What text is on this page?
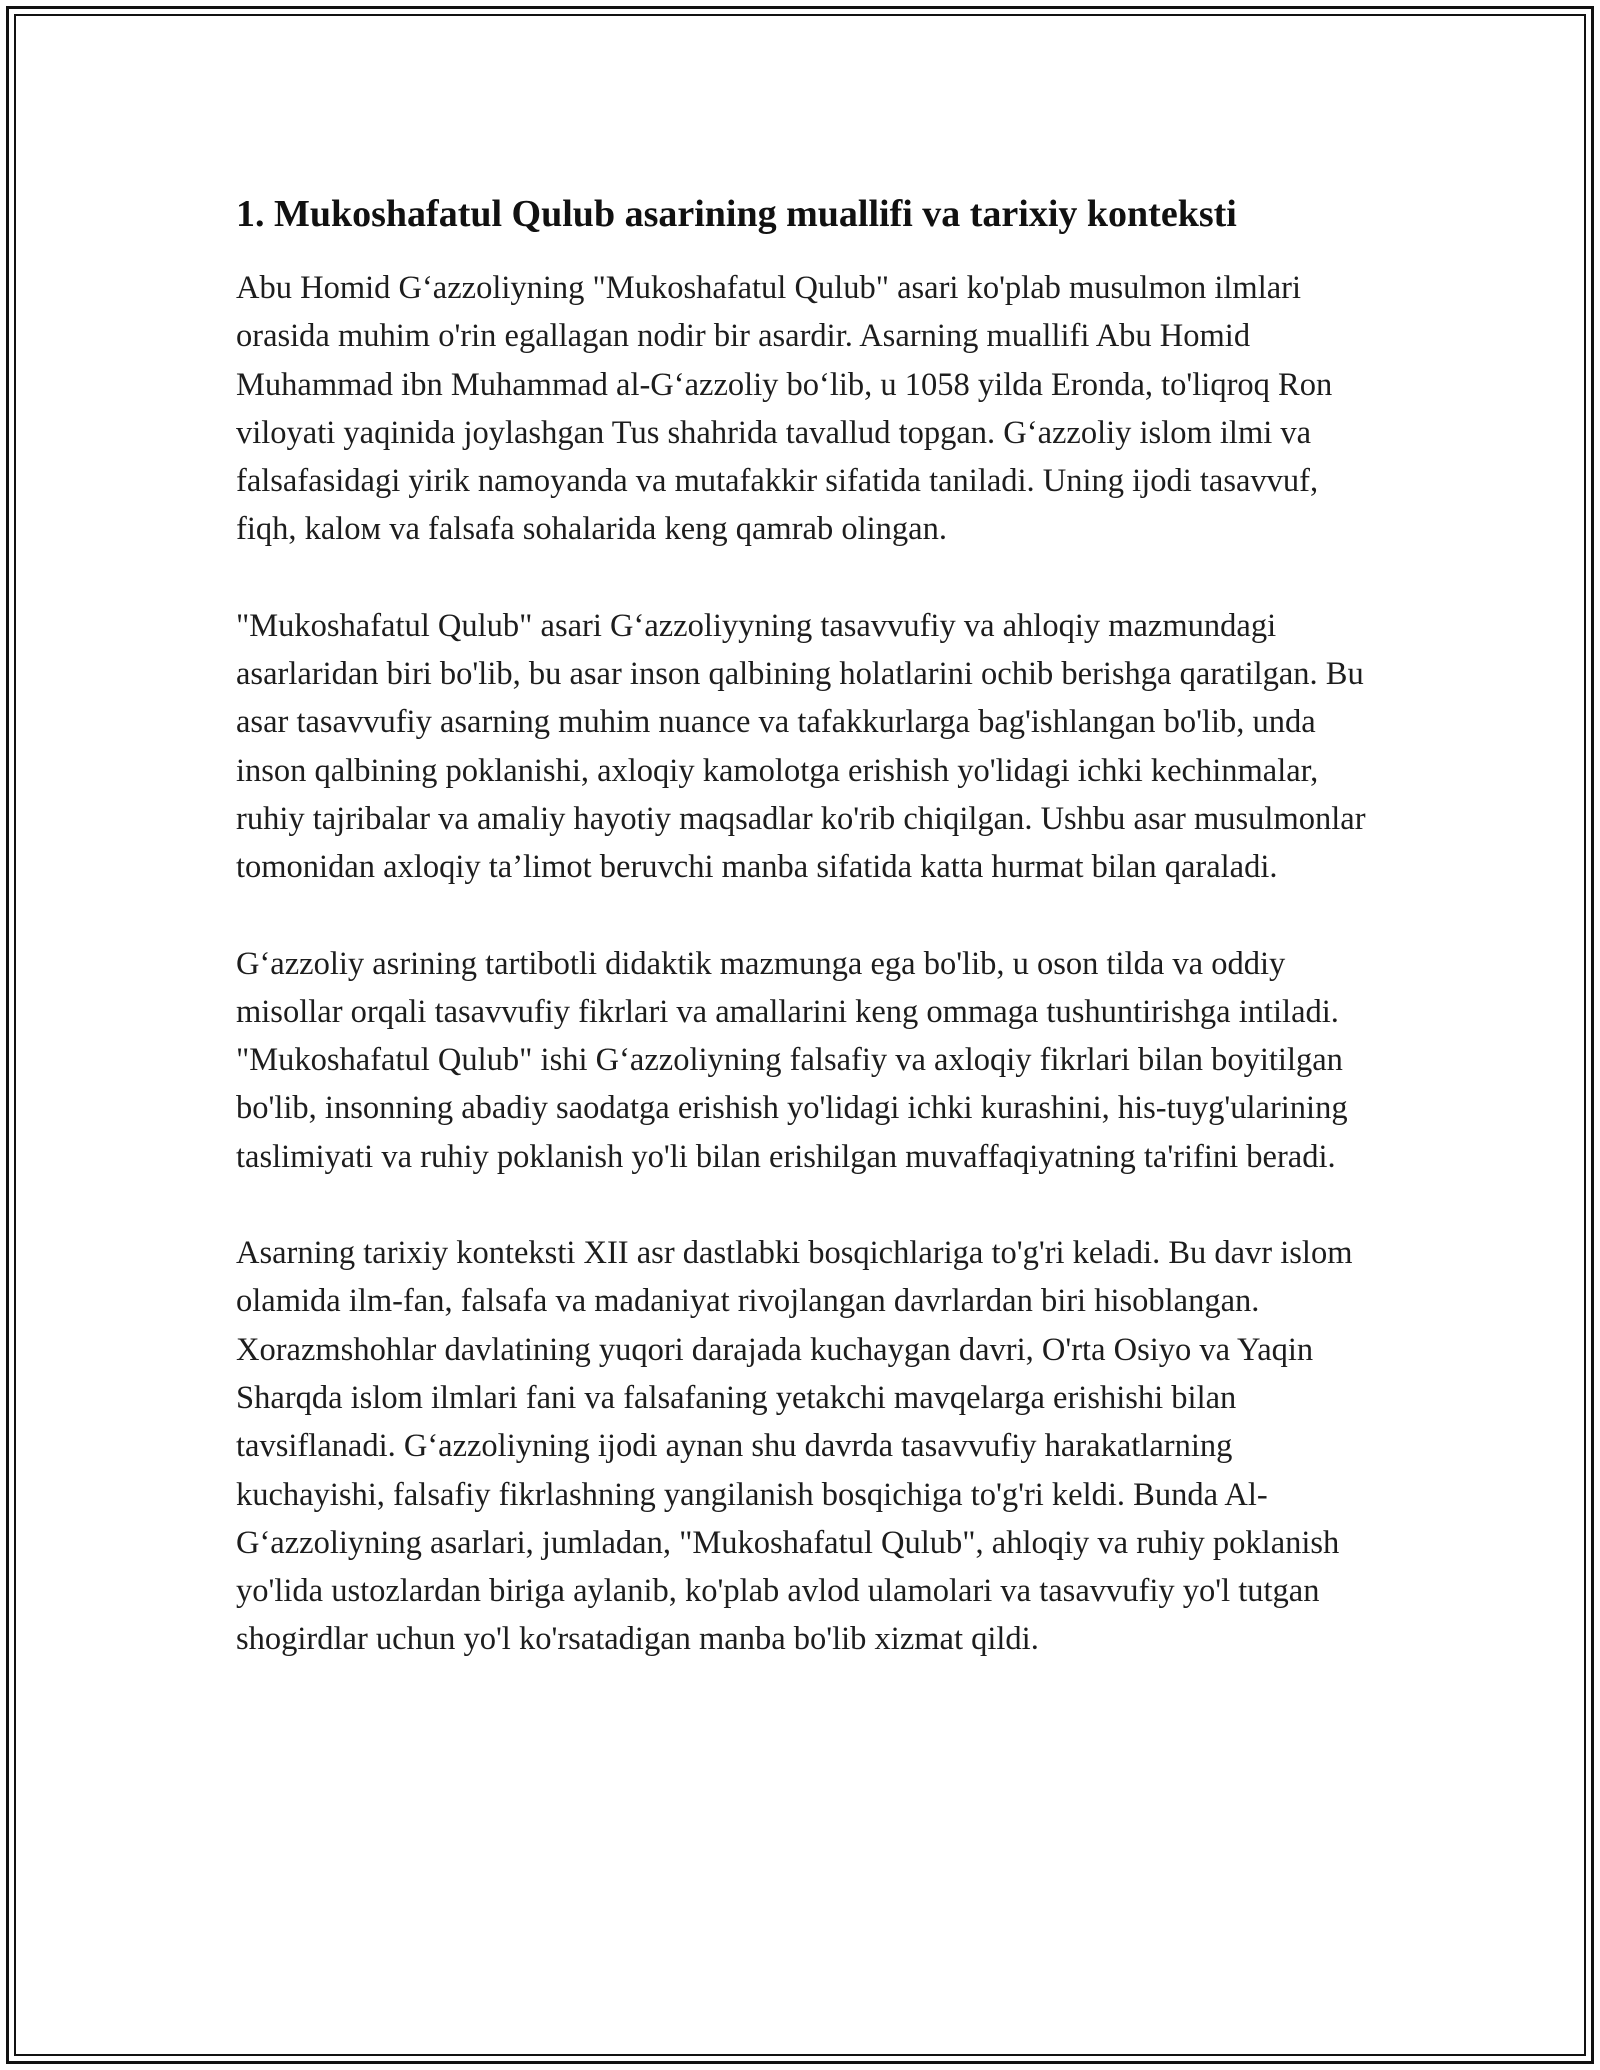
1. Mukoshafatul Qulub asarining muallifi va tarixiy konteksti

Abu Homid G‘azzoliyning "Mukoshafatul Qulub" asari ko'plab musulmon ilmlari orasida muhim o'rin egallagan nodir bir asardir. Asarning muallifi Abu Homid Muhammad ibn Muhammad al-G‘azzoliy bo‘lib, u 1058 yilda Eronda, to'liqroq Ron viloyati yaqinida joylashgan Tus shahrida tavallud topgan. G‘azzoliy islom ilmi va falsafasidagi yirik namoyanda va mutafakkir sifatida taniladi. Uning ijodi tasavvuf, fiqh, kaloм va falsafa sohalarida keng qamrab olingan.

"Mukoshafatul Qulub" asari G‘azzoliyyning tasavvufiy va ahloqiy mazmundagi asarlaridan biri bo'lib, bu asar inson qalbining holatlarini ochib berishga qaratilgan. Bu asar tasavvufiy asarning muhim nuance va tafakkurlarga bag'ishlangan bo'lib, unda inson qalbining poklanishi, axloqiy kamolotga erishish yo'lidagi ichki kechinmalar, ruhiy tajribalar va amaliy hayotiy maqsadlar ko'rib chiqilgan. Ushbu asar musulmonlar tomonidan axloqiy ta’limot beruvchi manba sifatida katta hurmat bilan qaraladi.

G‘azzoliy asrining tartibotli didaktik mazmunga ega bo'lib, u oson tilda va oddiy misollar orqali tasavvufiy fikrlari va amallarini keng ommaga tushuntirishga intiladi. "Mukoshafatul Qulub" ishi G‘azzoliyning falsafiy va axloqiy fikrlari bilan boyitilgan bo'lib, insonning abadiy saodatga erishish yo'lidagi ichki kurashini, his-tuyg'ularining taslimiyati va ruhiy poklanish yo'li bilan erishilgan muvaffaqiyatning ta'rifini beradi.

Asarning tarixiy konteksti XII asr dastlabki bosqichlariga to'g'ri keladi. Bu davr islom olamida ilm-fan, falsafa va madaniyat rivojlangan davrlardan biri hisoblangan. Xorazmshohlar davlatining yuqori darajada kuchaygan davri, O'rta Osiyo va Yaqin Sharqda islom ilmlari fani va falsafaning yetakchi mavqelarga erishishi bilan tavsiflanadi. G‘azzoliyning ijodi aynan shu davrda tasavvufiy harakatlarning kuchayishi, falsafiy fikrlashning yangilanish bosqichiga to'g'ri keldi. Bunda Al-G‘azzoliyning asarlari, jumladan, "Mukoshafatul Qulub", ahloqiy va ruhiy poklanish yo'lida ustozlardan biriga aylanib, ko'plab avlod ulamolari va tasavvufiy yo'l tutgan shogirdlar uchun yo'l ko'rsatadigan manba bo'lib xizmat qildi.
